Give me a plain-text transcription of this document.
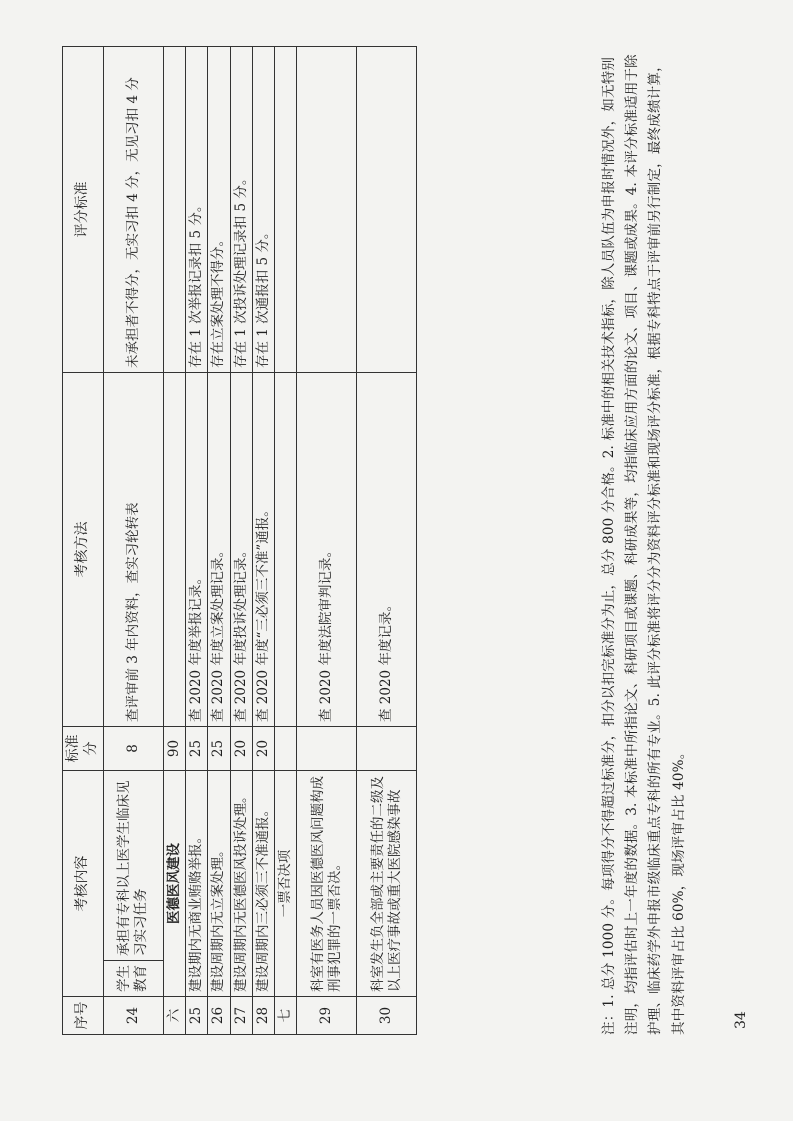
序号	考核内容		标准分	考核方法	评分标准
24	学生教育	承担有专科以上医学生临床见习实习任务	8	查评审前 3 年内资料，查实习轮转表	未承担者不得分，无实习扣 4 分，无见习扣 4 分
六	医德医风建设		90		
25	建设期内无商业贿赂举报。		25	查 2020 年度举报记录。	存在 1 次举报记录扣 5 分。
26	建设周期内无立案处理。		25	查 2020 年度立案处理记录。	存在立案处理不得分。
27	建设周期内无医德医风投诉处理。		20	查 2020 年度投诉处理记录。	存在 1 次投诉处理记录扣 5 分。
28	建设周期内三必须三不准通报。		20	查 2020 年度“三必须三不准”通报。	存在 1 次通报扣 5 分。
七	一票否决项				
29	科室有医务人员因医德医风问题构成刑事犯罪的一票否决。			查 2020 年度法院审判记录。	
30	科室发生负全部或主要责任的二级及以上医疗事故或重大医院感染事故			查 2020 年度记录。		注：1. 总分 1000 分。每项得分不得超过标准分，扣分以扣完标准分为止，总分 800 分合格。2. 标准中的相关技术指标，除人员队伍为申报时情况外，如无特别注明，均指评估时上一年度的数据。3. 本标准中所指论文、科研项目或课题、科研成果等，均指临床应用方面的论文、项目、课题或成果。4. 本评分标准适用于除护理、临床药学外申报市级临床重点专科的所有专业。5. 此评分标准将评分分为资料评分标准和现场评分标准，根据专科特点于评审前另行制定，最终成绩计算，其中资料评审占比 60%，现场评审占比 40%。	34
